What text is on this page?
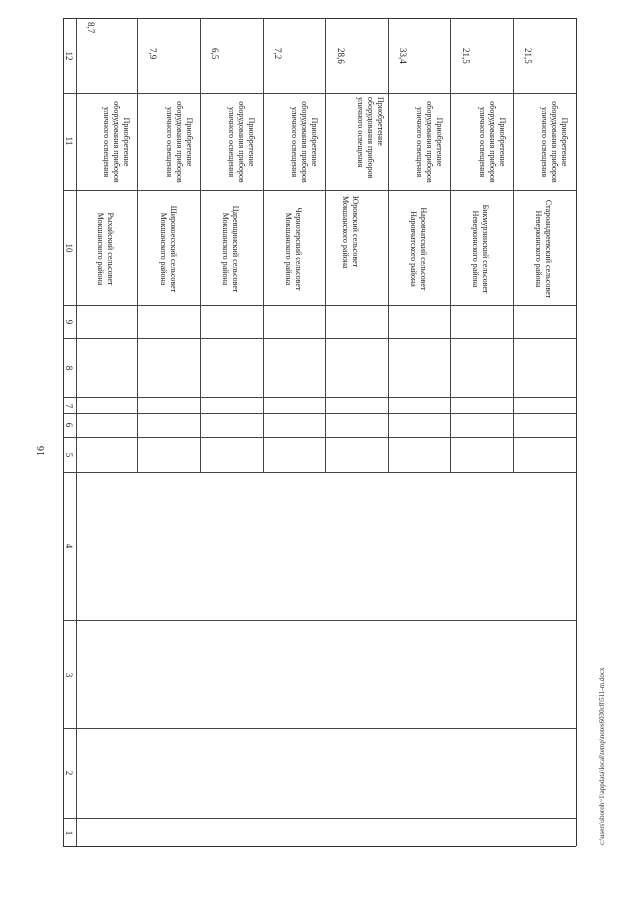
16
c:\users\sboroh~1\appdata\local\temp\notes6030c8\511-m.docx
1
2
3
4
5
6
7
8
9
10
11
12
Рыхайский сельсовет Мокшанского района
Приобретение оборудования приборов уличного освещения
8,7
Широкоесский сельсовет Мокшанского района
Приобретение оборудования приборов уличного освещения
7,9
Царевщинский сельсовет Мокшанского района
Приобретение оборудования приборов уличного освещения
6,5
Чернозерский сельсовет Мокшанского района
Приобретение оборудования приборов уличного освещения
7,2
Юровский сельсовет Мокшанского района
Приобретение оборудования приборов уличного освещения
28,6
Наровчатский сельсовет Наровчатского района
Приобретение оборудования приборов уличного освещения
33,4
Бикмурзинский сельсовет Неверкинского района
Приобретение оборудования приборов уличного освещения
21,5
Староандреевский сельсовет Неверкинского района
Приобретение оборудования приборов уличного освещения
21,5
